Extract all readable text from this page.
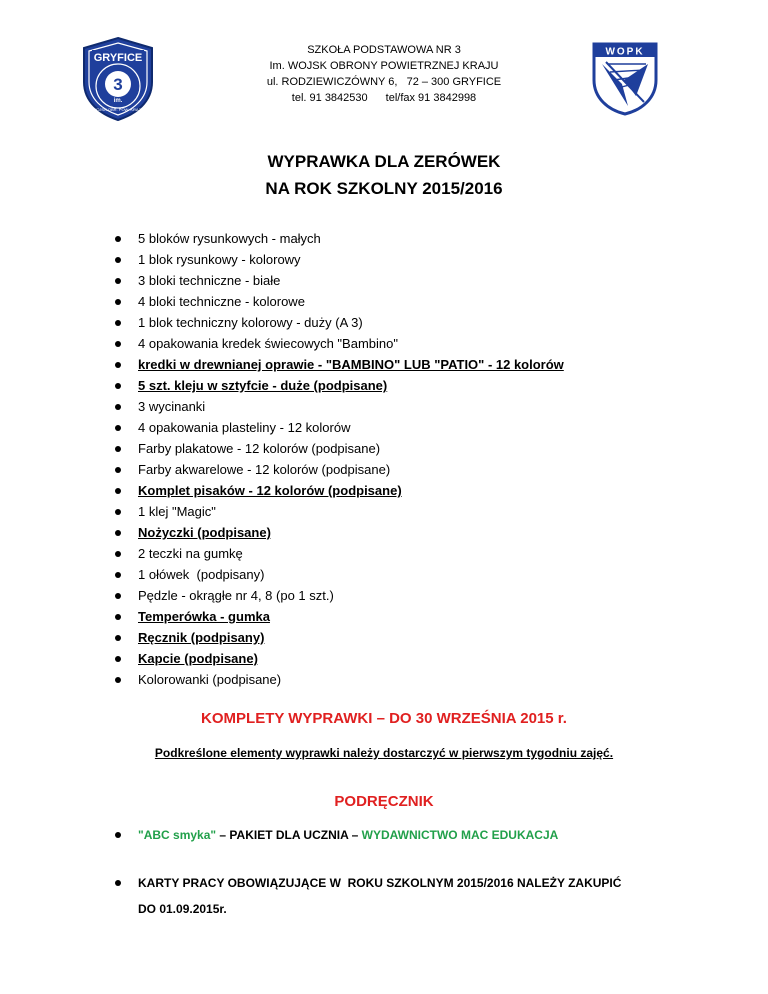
GRYFICE
3
im.
WOJSK OBR. POW. KRAJU
SZKOŁA PODSTAWOWA NR 3
Im. WOJSK OBRONY POWIETRZNEJ KRAJU
ul. RODZIEWICZÓWNY 6,   72 – 300 GRYFICE
tel. 91 3842530 tel/fax 91 3842998
WOPK
WYPRAWKA DLA ZERÓWEK
NA ROK SZKOLNY 2015/2016
5 bloków rysunkowych - małych
1 blok rysunkowy - kolorowy
3 bloki techniczne - białe
4 bloki techniczne - kolorowe
1 blok techniczny kolorowy - duży (A 3)
4 opakowania kredek świecowych "Bambino"
kredki w drewnianej oprawie - "BAMBINO" LUB "PATIO" - 12 kolorów
5 szt. kleju w sztyfcie - duże (podpisane)
3 wycinanki
4 opakowania plasteliny - 12 kolorów
Farby plakatowe - 12 kolorów (podpisane)
Farby akwarelowe - 12 kolorów (podpisane)
Komplet pisaków - 12 kolorów (podpisane)
1 klej "Magic"
Nożyczki (podpisane)
2 teczki na gumkę
1 ołówek  (podpisany)
Pędzle - okrągłe nr 4, 8 (po 1 szt.)
Temperówka - gumka
Ręcznik (podpisany)
Kapcie (podpisane)
Kolorowanki (podpisane)
KOMPLETY WYPRAWKI – DO 30 WRZEŚNIA 2015 r.
Podkreślone elementy wyprawki należy dostarczyć w pierwszym tygodniu zajęć.
PODRĘCZNIK
"ABC smyka" – PAKIET DLA UCZNIA – WYDAWNICTWO MAC EDUKACJA
KARTY PRACY OBOWIĄZUJĄCE W  ROKU SZKOLNYM 2015/2016 NALEŻY ZAKUPIĆ
DO 01.09.2015r.
